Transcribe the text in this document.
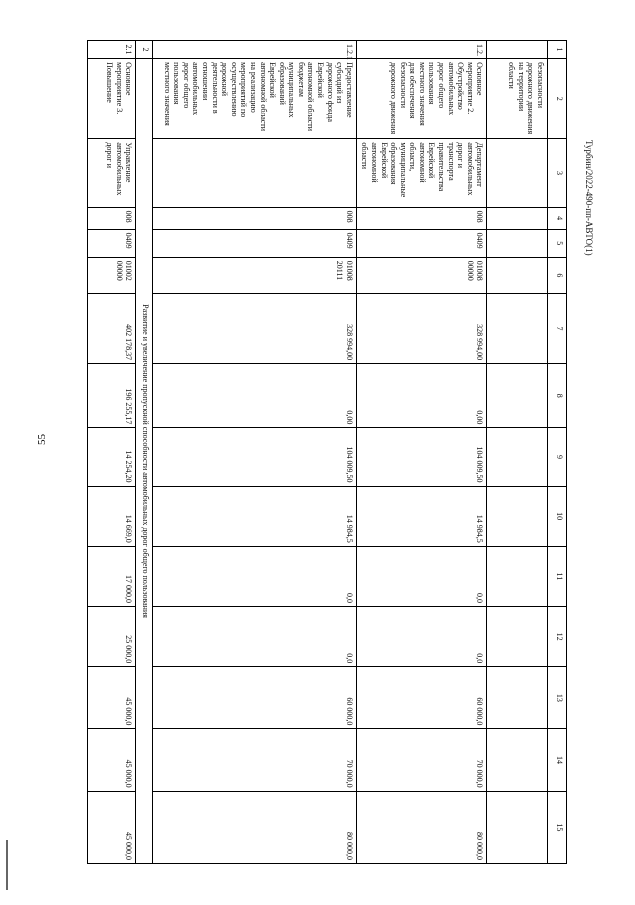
55
Турбин/2022-490-пп-АВТО(1)
1	2	3	4	5	6	7	8	9	10	11	12	13	14	15
	безопасности дорожного движения на территории области													
1.2.	Основное мероприятие 2. Обустройство автомобильных дорог общего пользования местного значения для обеспечения безопасности дорожного движения	Департамент автомобильных дорог и транспорта правительства Еврейской автономной области, муниципальные образования Еврейской автономной области	008	0409	01008 00000	328 994,00	0,00	104 009,50	14 984,5	0,0	0,0	60 000,0	70 000,0	80 000,0
1.2.1	Предоставление субсидий из дорожного фонда Еврейской автономной области бюджетам муниципальных образований Еврейской автономной области на реализацию мероприятий по осуществлению дорожной деятельности в отношении автомобильных дорог общего пользования местного значения		008	0409	01008 20111	328 994,00	0,00	104 009,50	14 984,5	0,0	0,0	60 000,0	70 000,0	80 000,0
2	Развитие и увеличение пропускной способности автомобильных дорог общего пользования													
2.1	Основное мероприятие 3. Повышение	Управление автомобильных дорог и	008	0409	01002 00000	402 178,37	196 255,17	14 254,20	14 669,0	17 000,0	25 000,0	45 000,0	45 000,0	45 000,0
